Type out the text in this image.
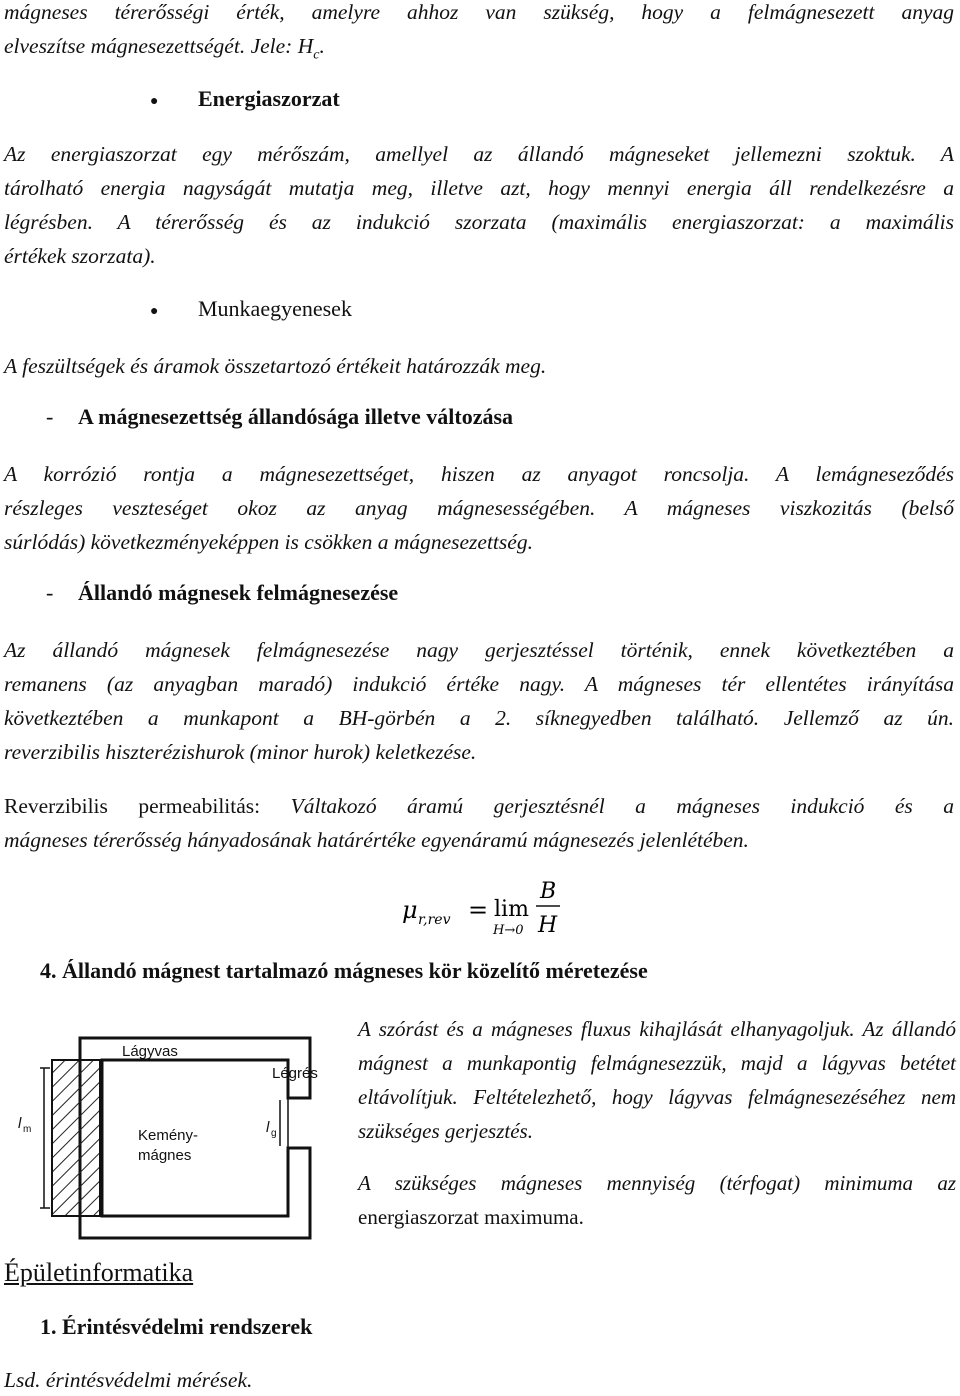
mágneses térerősségi érték, amelyre ahhoz van szükség, hogy a felmágnesezett anyag
elveszítse mágnesezettségét. Jele: $H_c$.
● Energiaszorzat
Az energiaszorzat egy mérőszám, amellyel az állandó mágneseket jellemezni szoktuk. A
tárolható energia nagyságát mutatja meg, illetve azt, hogy mennyi energia áll rendelkezésre a
légrésben. A térerősség és az indukció szorzata (maximális energiaszorzat: a maximális
értékek szorzata).
● Munkaegyenesek
A feszültségek és áramok összetartozó értékeit határozzák meg.
- A mágnesezettség állandósága illetve változása
A korrózió rontja a mágnesezettséget, hiszen az anyagot roncsolja. A lemágneseződés
részleges veszteséget okoz az anyag mágnesességében. A mágneses viszkozitás (belső
súrlódás) következményeképpen is csökken a mágnesezettség.
- Állandó mágnesek felmágnesezése
Az állandó mágnesek felmágnesezése nagy gerjesztéssel történik, ennek következtében a
remanens (az anyagban maradó) indukció értéke nagy. A mágneses tér ellentétes irányítása
következtében a munkapont a BH-görbén a 2. síknegyedben található. Jellemző az ún.
reverzibilis hiszterézishurok (minor hurok) keletkezése.
Reverzibilis permeabilitás: Váltakozó áramú gerjesztésnél a mágneses indukció és a
mágneses térerősség hányadosának határértéke egyenáramú mágnesezés jelenlétében.
μ r,rev = lim
H→0
B
H
4. Állandó mágnest tartalmazó mágneses kör közelítő méretezése
Lágyvas
Légrés
Kemény-
mágnes
l m	l g
A szórást és a mágneses fluxus kihajlását elhanyagoljuk. Az állandó mágnest a munkapontig felmágnesezzük, majd a lágyvas betétet eltávolítjuk. Feltételezhető, hogy lágyvas felmágnesezéséhez nem szükséges gerjesztés.
A szükséges mágneses mennyiség (térfogat) minimuma az
energiaszorzat maximuma.
Épületinformatika
1. Érintésvédelmi rendszerek
Lsd. érintésvédelmi mérések.
